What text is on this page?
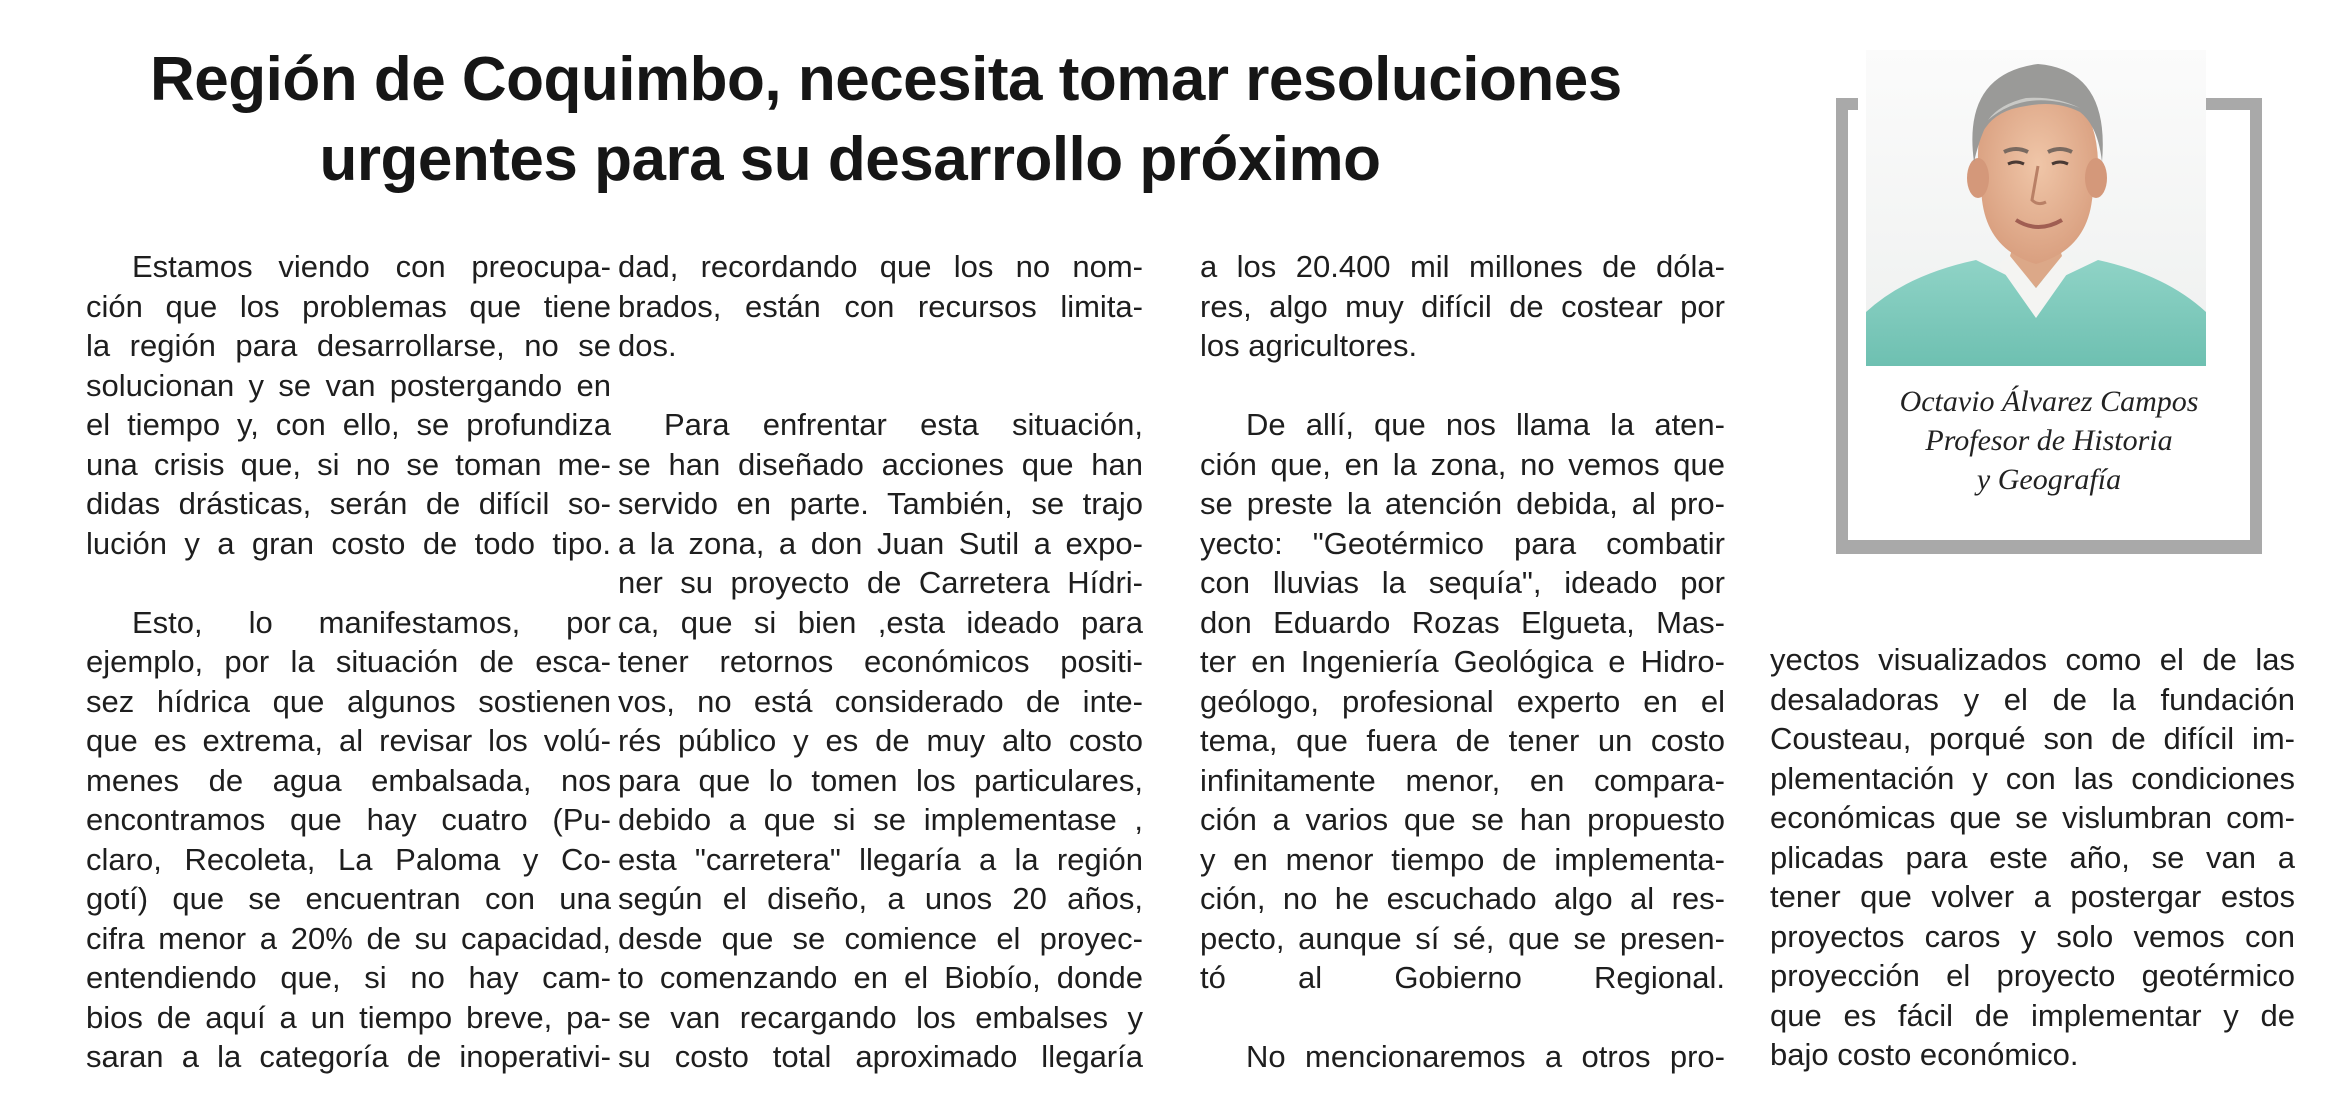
Región de Coquimbo, necesita tomar resoluciones
urgentes para su desarrollo próximo
Estamos viendo con preocupa-
ción que los problemas que tiene
la región para desarrollarse, no se
solucionan y se van postergando en
el tiempo y, con ello, se profundiza
una crisis que, si no se toman me-
didas drásticas, serán de difícil so-
lución y a gran costo de todo tipo.
Esto, lo manifestamos, por
ejemplo, por la situación de esca-
sez hídrica que algunos sostienen
que es extrema, al revisar los volú-
menes de agua embalsada, nos
encontramos que hay cuatro (Pu-
claro, Recoleta, La Paloma y Co-
gotí) que se encuentran con una
cifra menor a 20% de su capacidad,
entendiendo que, si no hay cam-
bios de aquí a un tiempo breve, pa-
saran a la categoría de inoperativi-
dad, recordando que los no nom-
brados, están con recursos limita-
dos.
Para enfrentar esta situación,
se han diseñado acciones que han
servido en parte. También, se trajo
a la zona, a don Juan Sutil a expo-
ner su proyecto de Carretera Hídri-
ca, que si bien ,esta ideado para
tener retornos económicos positi-
vos, no está considerado de inte-
rés público y es de muy alto costo
para que lo tomen los particulares,
debido a que si se implementase ,
esta "carretera" llegaría a la región
según el diseño, a unos 20 años,
desde que se comience el proyec-
to comenzando en el Biobío, donde
se van recargando los embalses y
su costo total aproximado llegaría
a los 20.400 mil millones de dóla-
res, algo muy difícil de costear por
los agricultores.
De allí, que nos llama la aten-
ción que, en la zona, no vemos que
se preste la atención debida, al pro-
yecto: "Geotérmico para combatir
con lluvias la sequía", ideado por
don Eduardo Rozas Elgueta, Mas-
ter en Ingeniería Geológica e Hidro-
geólogo, profesional experto en el
tema, que fuera de tener un costo
infinitamente menor, en compara-
ción a varios que se han propuesto
y en menor tiempo de implementa-
ción, no he escuchado algo al res-
pecto, aunque sí sé, que se presen-
tó al Gobierno Regional.
No mencionaremos a otros pro-
yectos visualizados como el de las
desaladoras y el de la fundación
Cousteau, porqué son de difícil im-
plementación y con las condiciones
económicas que se vislumbran com-
plicadas para este año, se van a
tener que volver a postergar estos
proyectos caros y solo vemos con
proyección el proyecto geotérmico
que es fácil de implementar y de
bajo costo económico.
Octavio Álvarez Campos
Profesor de Historia
y Geografía
